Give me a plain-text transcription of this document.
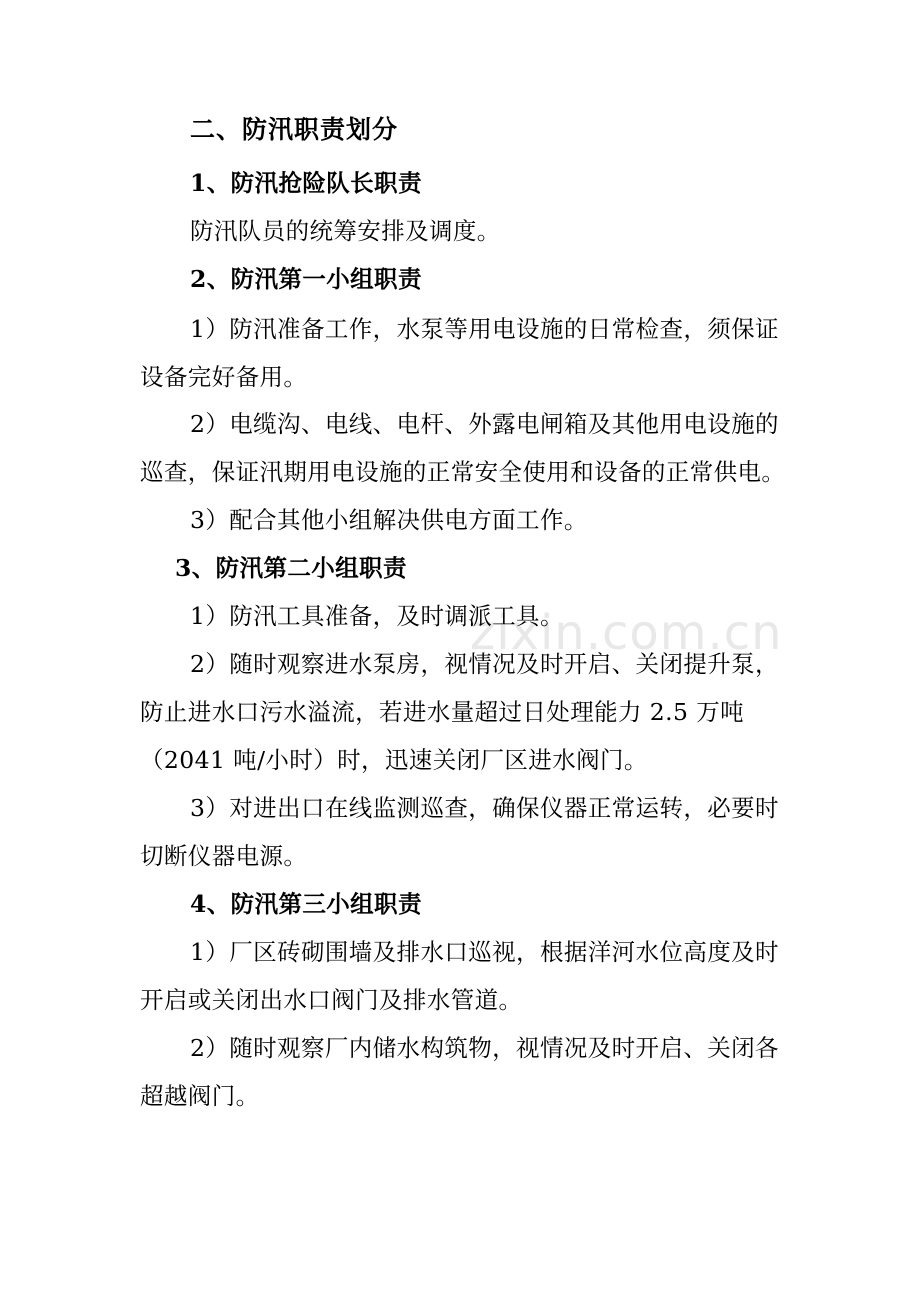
zixin.com.cn
二、防汛职责划分
1、防汛抢险队长职责
防汛队员的统筹安排及调度。
2、防汛第一小组职责
1）防汛准备工作，水泵等用电设施的日常检查，须保证
设备完好备用。
2）电缆沟、电线、电杆、外露电闸箱及其他用电设施的
巡查，保证汛期用电设施的正常安全使用和设备的正常供电。
3）配合其他小组解决供电方面工作。
3、防汛第二小组职责
1）防汛工具准备，及时调派工具。
2）随时观察进水泵房，视情况及时开启、关闭提升泵，
防止进水口污水溢流，若进水量超过日处理能力 2.5 万吨
（2041 吨/小时）时，迅速关闭厂区进水阀门。
3）对进出口在线监测巡查，确保仪器正常运转，必要时
切断仪器电源。
4、防汛第三小组职责
1）厂区砖砌围墙及排水口巡视，根据洋河水位高度及时
开启或关闭出水口阀门及排水管道。
2）随时观察厂内储水构筑物，视情况及时开启、关闭各
超越阀门。
